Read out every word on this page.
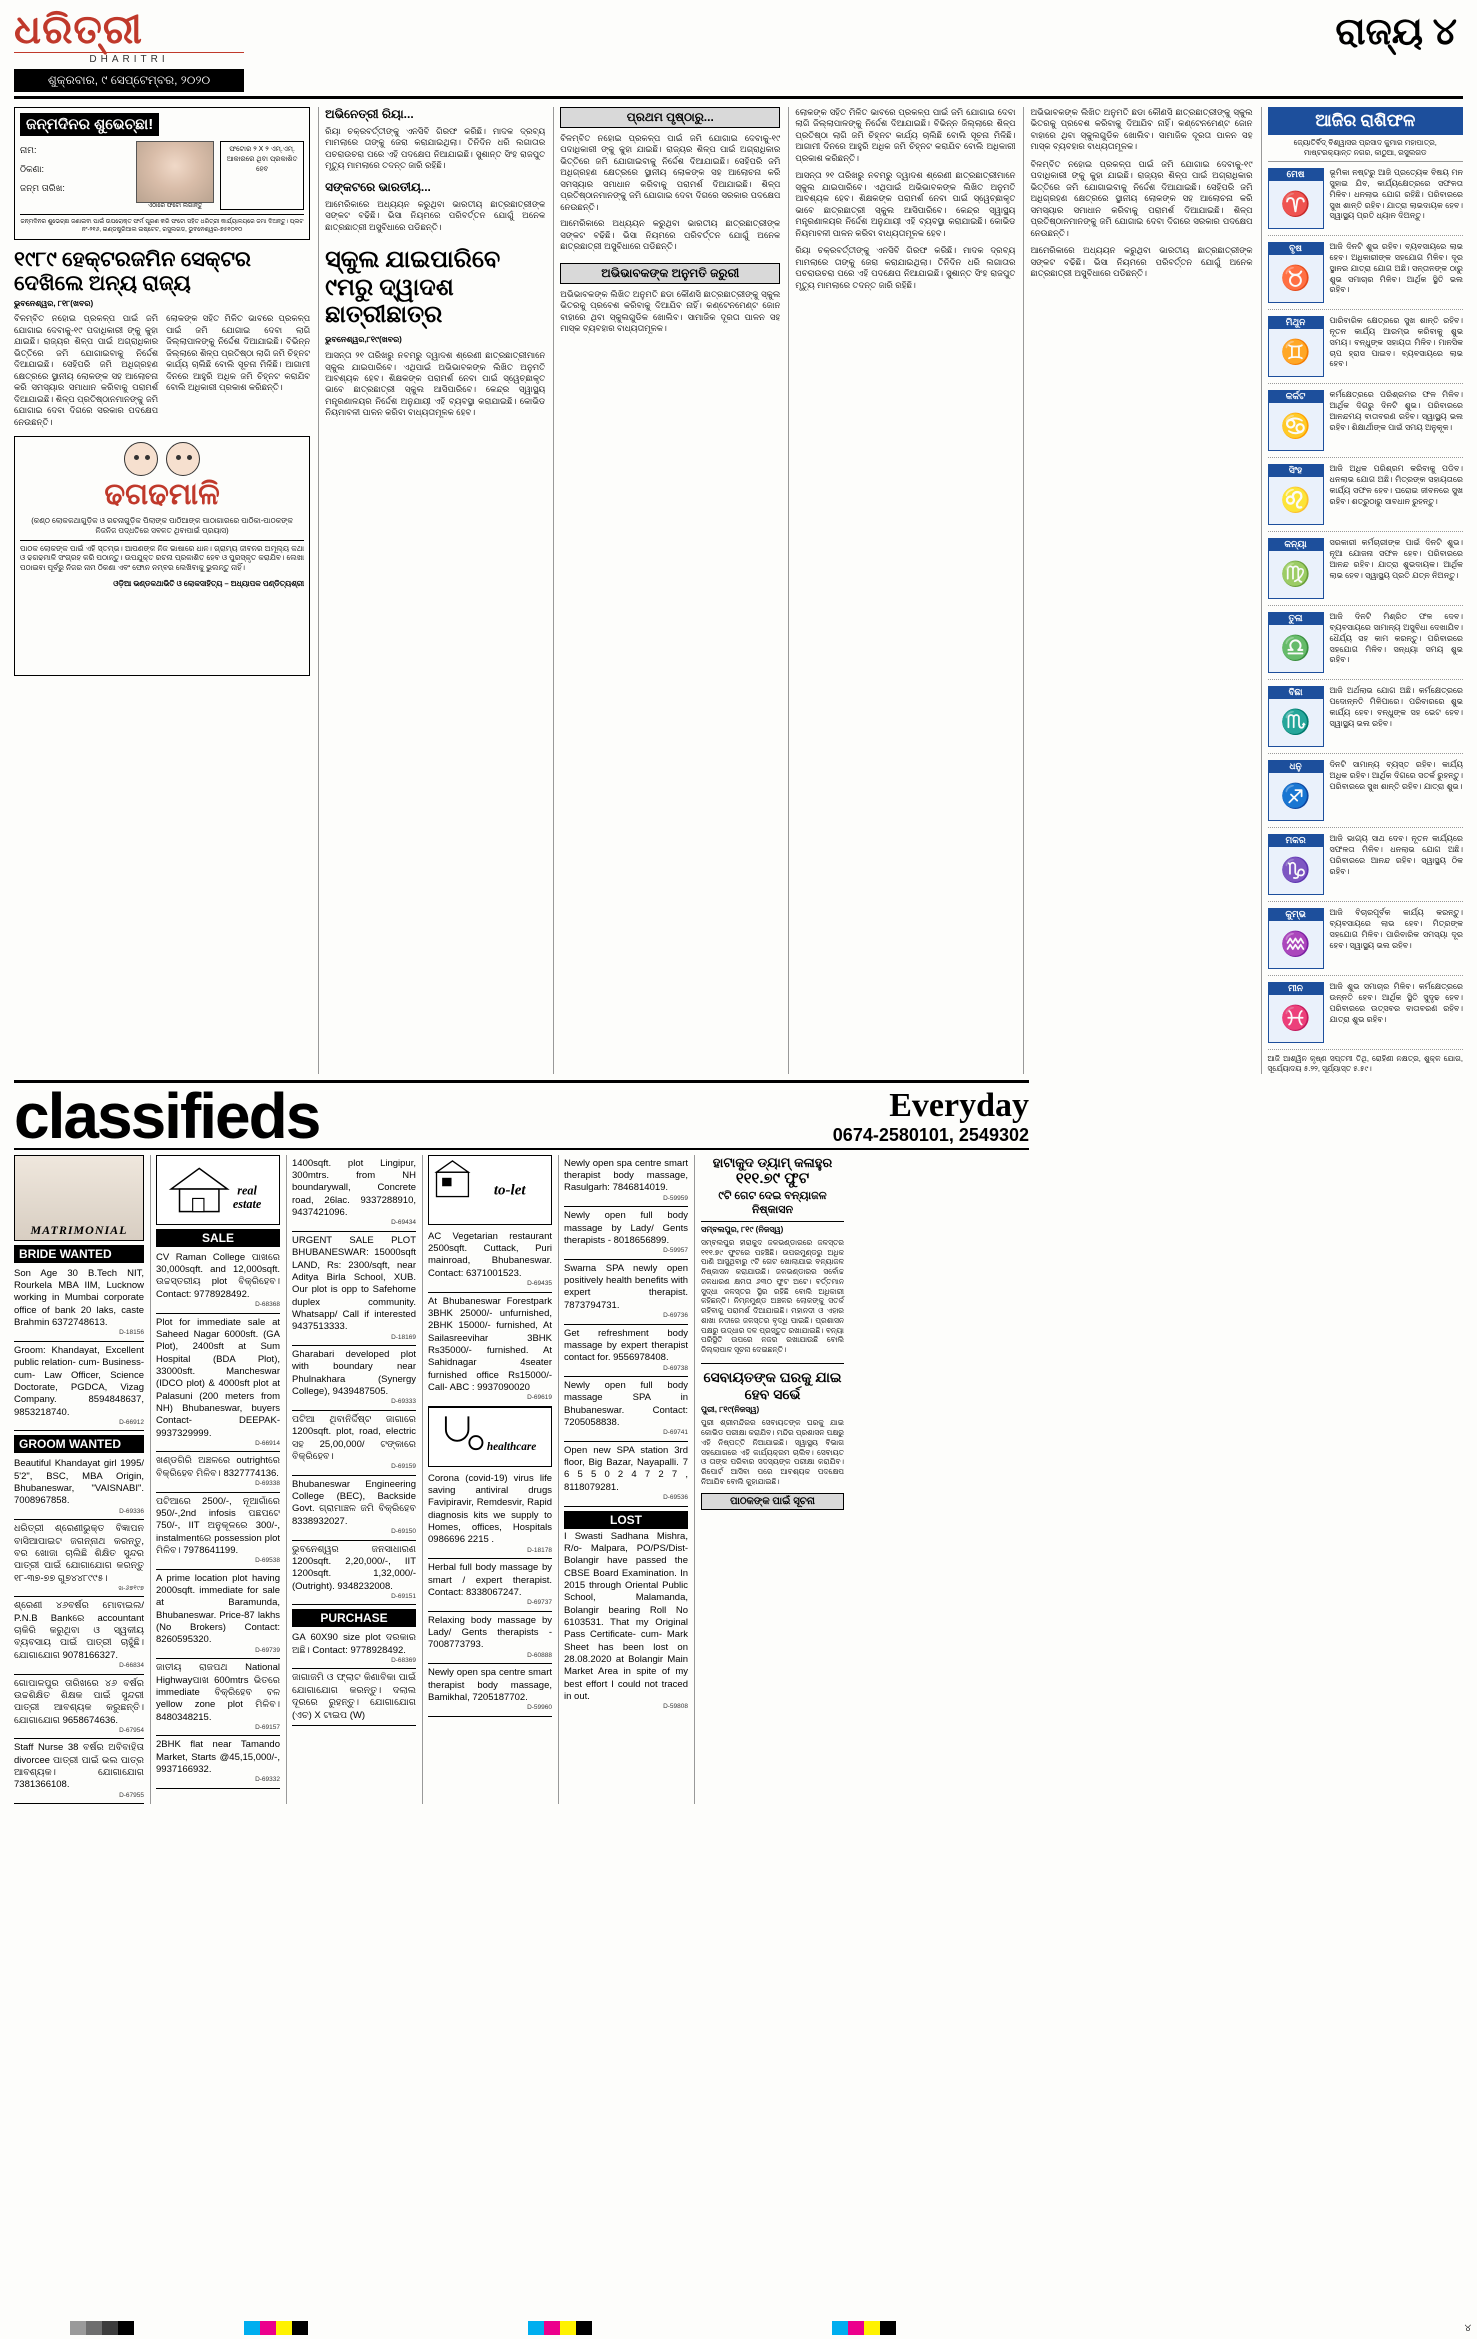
ଧରିତ୍ରୀ
DHARITRI
ଶୁକ୍ରବାର, ୯ ସେପ୍ଟେମ୍ବର, ୨୦୨୦
ରାଜ୍ୟ ୪
ଜନ୍ମଦିନର ଶୁଭେଚ୍ଛା!
ନାମ:
ଠିକଣା:
ଜନ୍ମ ତାରିଖ:
ଏଠାରେ ଫଟୋ ଲଗାନ୍ତୁ
ଫଟୋର ୨ X ୨ ଏମ୍.ଏମ୍. ଆକାରରେ ଥିବା ପ୍ରକାଶିତ ହେବ
ଜନ୍ମଦିନର ଶୁଭେଚ୍ଛା ଜଣାଇବା ପାଇଁ ଉପରୋକ୍ତ ଫର୍ମ ପୂରଣ କରି ଫଟୋ ସହିତ ଧରିତ୍ରୀ କାର୍ଯ୍ୟାଳୟରେ ଜମା ଦିଅନ୍ତୁ। ପ୍ଲଟ ନଂ-୨୧୬, ଇଣ୍ଡଷ୍ଟ୍ରିଆଲ ଇଷ୍ଟେଟ, ରସୁଲଗଡ, ଭୁବନେଶ୍ୱର-୭୫୧୦୧୦
୧୯୮୯ ହେକ୍ଟରଜମିନ ସେକ୍ଟର ଦେଖିଲେ ଅନ୍ୟ ରାଜ୍ୟ
ଭୁବନେଶ୍ୱର, ୮୧୮(ଖବର)
ବିଳମ୍ବିତ ନହୋଇ ପ୍ରକଳ୍ପ ପାଇଁ ଜମି ଯୋଗାଇ ଦେବାକୁ-୧୯ ପଦାଧିକାରୀ ଙ୍କୁ କୁହା ଯାଇଛି। ରାଜ୍ୟର ଶିଳ୍ପ ପାଇଁ ଅଗ୍ରାଧିକାର ଭିତ୍ତିରେ ଜମି ଯୋଗାଇବାକୁ ନିର୍ଦ୍ଦେଶ ଦିଆଯାଇଛି। ସେହିପରି ଜମି ଅଧିଗ୍ରହଣ କ୍ଷେତ୍ରରେ ସ୍ଥାନୀୟ ଲୋକଙ୍କ ସହ ଆଲୋଚନା କରି ସମସ୍ୟାର ସମାଧାନ କରିବାକୁ ପରାମର୍ଶ ଦିଆଯାଇଛି। ଶିଳ୍ପ ପ୍ରତିଷ୍ଠାନମାନଙ୍କୁ ଜମି ଯୋଗାଇ ଦେବା ଦିଗରେ ସରକାର ପଦକ୍ଷେପ ନେଉଛନ୍ତି।
ଲୋକଙ୍କ ସହିତ ମିଳିତ ଭାବରେ ପ୍ରକଳ୍ପ ପାଇଁ ଜମି ଯୋଗାଇ ଦେବା ଲାଗି ଜିଲ୍ଲାପାଳଙ୍କୁ ନିର୍ଦ୍ଦେଶ ଦିଆଯାଇଛି। ବିଭିନ୍ନ ଜିଲ୍ଲାରେ ଶିଳ୍ପ ପ୍ରତିଷ୍ଠା ଲାଗି ଜମି ଚିହ୍ନଟ କାର୍ଯ୍ୟ ଚାଲିଛି ବୋଲି ସୂଚନା ମିଳିଛି। ଆଗାମୀ ଦିନରେ ଆହୁରି ଅଧିକ ଜମି ଚିହ୍ନଟ କରାଯିବ ବୋଲି ଅଧିକାରୀ ପ୍ରକାଶ କରିଛନ୍ତି।
ଢଗଢମାଳି
(କଣ୍ଠ ଲୋକକଥାଗୁଡ଼ିକ ଓ ରଚନାଗୁଡ଼ିକ ପିଲାଙ୍କ ପାଠିଆଙ୍କ ପାଠାଗାରରେ ପାଠିକା-ପାଠକଙ୍କ ନିଜନିଜ ପଦ୍ଧତିରେ ସବଳତ ଥିବାପାଇଁ ପ୍ରୟାସ)
ପାଠକ ଲୋକଙ୍କ ପାଇଁ ଏହି ସ୍ତମ୍ଭ। ଆପଣଙ୍କ ନିଜ ଭାଷାରେ ଧାନ। ଗ୍ରାମ୍ୟ ଜୀବନର ଅମୂଲ୍ୟ କଥା ଓ ଢଗଢମାଳି ସଂଗ୍ରହ କରି ପଠାନ୍ତୁ। ଉପଯୁକ୍ତ ରଚନା ପ୍ରକାଶିତ ହେବ ଓ ପୁରସ୍କୃତ କରାଯିବ। ଲେଖା ପଠାଇବା ପୂର୍ବରୁ ନିଜର ନାମ ଠିକଣା ଏବଂ ଫୋନ ନମ୍ବର ଲେଖିବାକୁ ଭୁଲନ୍ତୁ ନାହିଁ।
ଓଡ଼ିଆ ଭଣ୍ଡକଥାଭିତି ଓ ଲୋକସାହିତ୍ୟ – ଅଧ୍ୟାପକ ପଣ୍ଡିତ୍ୟଶ୍ରୀ
ଅଭିନେତ୍ରୀ ରିୟା...
ରିୟା ଚକ୍ରବର୍ତ୍ତୀଙ୍କୁ ଏନସିବି ଗିରଫ କରିଛି। ମାଦକ ଦ୍ରବ୍ୟ ମାମଲାରେ ତାଙ୍କୁ ଜେରା କରାଯାଇଥିଲା। ତିନିଦିନ ଧରି ଲଗାତାର ପଚରାଉଚରା ପରେ ଏହି ପଦକ୍ଷେପ ନିଆଯାଇଛି। ସୁଶାନ୍ତ ସିଂହ ରାଜପୁତ ମୃତ୍ୟୁ ମାମଲାରେ ତଦନ୍ତ ଜାରି ରହିଛି।
ସଙ୍କଟରେ ଭାରତୀୟ...
ଆମେରିକାରେ ଅଧ୍ୟୟନ କରୁଥିବା ଭାରତୀୟ ଛାତ୍ରଛାତ୍ରୀଙ୍କ ସଙ୍କଟ ବଢିଛି। ଭିସା ନିୟମରେ ପରିବର୍ତ୍ତନ ଯୋଗୁଁ ଅନେକ ଛାତ୍ରଛାତ୍ରୀ ଅସୁବିଧାରେ ପଡିଛନ୍ତି।
ସ୍କୁଲ ଯାଇପାରିବେ ୯ମରୁ ଦ୍ୱାଦଶ ଛାତ୍ରୀଛାତ୍ର
ଭୁବନେଶ୍ୱର,୮୧୯(ଖବର)
ଆସନ୍ତା ୨୧ ତାରିଖରୁ ନବମରୁ ଦ୍ୱାଦଶ ଶ୍ରେଣୀ ଛାତ୍ରଛାତ୍ରୀମାନେ ସ୍କୁଲ ଯାଇପାରିବେ। ଏଥିପାଇଁ ଅଭିଭାବକଙ୍କ ଲିଖିତ ଅନୁମତି ଆବଶ୍ୟକ ହେବ। ଶିକ୍ଷକଙ୍କ ପରାମର୍ଶ ନେବା ପାଇଁ ସ୍ୱେଚ୍ଛାକୃତ ଭାବେ ଛାତ୍ରଛାତ୍ରୀ ସ୍କୁଲ ଆସିପାରିବେ। କେନ୍ଦ୍ର ସ୍ୱାସ୍ଥ୍ୟ ମନ୍ତ୍ରଣାଳୟର ନିର୍ଦ୍ଦେଶ ଅନୁଯାୟୀ ଏହି ବ୍ୟବସ୍ଥା କରାଯାଇଛି। କୋଭିଡ ନିୟମାବଳୀ ପାଳନ କରିବା ବାଧ୍ୟତାମୂଳକ ହେବ।
ପ୍ରଥମ ପୃଷ୍ଠାରୁ...
ବିଳମ୍ବିତ ନହୋଇ ପ୍ରକଳ୍ପ ପାଇଁ ଜମି ଯୋଗାଇ ଦେବାକୁ-୧୯ ପଦାଧିକାରୀ ଙ୍କୁ କୁହା ଯାଇଛି। ରାଜ୍ୟର ଶିଳ୍ପ ପାଇଁ ଅଗ୍ରାଧିକାର ଭିତ୍ତିରେ ଜମି ଯୋଗାଇବାକୁ ନିର୍ଦ୍ଦେଶ ଦିଆଯାଇଛି। ସେହିପରି ଜମି ଅଧିଗ୍ରହଣ କ୍ଷେତ୍ରରେ ସ୍ଥାନୀୟ ଲୋକଙ୍କ ସହ ଆଲୋଚନା କରି ସମସ୍ୟାର ସମାଧାନ କରିବାକୁ ପରାମର୍ଶ ଦିଆଯାଇଛି। ଶିଳ୍ପ ପ୍ରତିଷ୍ଠାନମାନଙ୍କୁ ଜମି ଯୋଗାଇ ଦେବା ଦିଗରେ ସରକାର ପଦକ୍ଷେପ ନେଉଛନ୍ତି।
ଆମେରିକାରେ ଅଧ୍ୟୟନ କରୁଥିବା ଭାରତୀୟ ଛାତ୍ରଛାତ୍ରୀଙ୍କ ସଙ୍କଟ ବଢିଛି। ଭିସା ନିୟମରେ ପରିବର୍ତ୍ତନ ଯୋଗୁଁ ଅନେକ ଛାତ୍ରଛାତ୍ରୀ ଅସୁବିଧାରେ ପଡିଛନ୍ତି।
ଅଭିଭାବକଙ୍କ ଅନୁମତି ଜରୁରୀ
ଅଭିଭାବକଙ୍କ ଲିଖିତ ଅନୁମତି ଛଡା କୌଣସି ଛାତ୍ରଛାତ୍ରୀଙ୍କୁ ସ୍କୁଲ ଭିତରକୁ ପ୍ରବେଶ କରିବାକୁ ଦିଆଯିବ ନାହିଁ। କଣ୍ଟେନମେଣ୍ଟ ଜୋନ ବାହାରେ ଥିବା ସ୍କୁଲଗୁଡିକ ଖୋଲିବ। ସାମାଜିକ ଦୂରତା ପାଳନ ସହ ମାସ୍କ ବ୍ୟବହାର ବାଧ୍ୟତାମୂଳକ।
ଲୋକଙ୍କ ସହିତ ମିଳିତ ଭାବରେ ପ୍ରକଳ୍ପ ପାଇଁ ଜମି ଯୋଗାଇ ଦେବା ଲାଗି ଜିଲ୍ଲାପାଳଙ୍କୁ ନିର୍ଦ୍ଦେଶ ଦିଆଯାଇଛି। ବିଭିନ୍ନ ଜିଲ୍ଲାରେ ଶିଳ୍ପ ପ୍ରତିଷ୍ଠା ଲାଗି ଜମି ଚିହ୍ନଟ କାର୍ଯ୍ୟ ଚାଲିଛି ବୋଲି ସୂଚନା ମିଳିଛି। ଆଗାମୀ ଦିନରେ ଆହୁରି ଅଧିକ ଜମି ଚିହ୍ନଟ କରାଯିବ ବୋଲି ଅଧିକାରୀ ପ୍ରକାଶ କରିଛନ୍ତି।
ଆସନ୍ତା ୨୧ ତାରିଖରୁ ନବମରୁ ଦ୍ୱାଦଶ ଶ୍ରେଣୀ ଛାତ୍ରଛାତ୍ରୀମାନେ ସ୍କୁଲ ଯାଇପାରିବେ। ଏଥିପାଇଁ ଅଭିଭାବକଙ୍କ ଲିଖିତ ଅନୁମତି ଆବଶ୍ୟକ ହେବ। ଶିକ୍ଷକଙ୍କ ପରାମର୍ଶ ନେବା ପାଇଁ ସ୍ୱେଚ୍ଛାକୃତ ଭାବେ ଛାତ୍ରଛାତ୍ରୀ ସ୍କୁଲ ଆସିପାରିବେ। କେନ୍ଦ୍ର ସ୍ୱାସ୍ଥ୍ୟ ମନ୍ତ୍ରଣାଳୟର ନିର୍ଦ୍ଦେଶ ଅନୁଯାୟୀ ଏହି ବ୍ୟବସ୍ଥା କରାଯାଇଛି। କୋଭିଡ ନିୟମାବଳୀ ପାଳନ କରିବା ବାଧ୍ୟତାମୂଳକ ହେବ।
ରିୟା ଚକ୍ରବର୍ତ୍ତୀଙ୍କୁ ଏନସିବି ଗିରଫ କରିଛି। ମାଦକ ଦ୍ରବ୍ୟ ମାମଲାରେ ତାଙ୍କୁ ଜେରା କରାଯାଇଥିଲା। ତିନିଦିନ ଧରି ଲଗାତାର ପଚରାଉଚରା ପରେ ଏହି ପଦକ୍ଷେପ ନିଆଯାଇଛି। ସୁଶାନ୍ତ ସିଂହ ରାଜପୁତ ମୃତ୍ୟୁ ମାମଲାରେ ତଦନ୍ତ ଜାରି ରହିଛି।
ଅଭିଭାବକଙ୍କ ଲିଖିତ ଅନୁମତି ଛଡା କୌଣସି ଛାତ୍ରଛାତ୍ରୀଙ୍କୁ ସ୍କୁଲ ଭିତରକୁ ପ୍ରବେଶ କରିବାକୁ ଦିଆଯିବ ନାହିଁ। କଣ୍ଟେନମେଣ୍ଟ ଜୋନ ବାହାରେ ଥିବା ସ୍କୁଲଗୁଡିକ ଖୋଲିବ। ସାମାଜିକ ଦୂରତା ପାଳନ ସହ ମାସ୍କ ବ୍ୟବହାର ବାଧ୍ୟତାମୂଳକ।
ବିଳମ୍ବିତ ନହୋଇ ପ୍ରକଳ୍ପ ପାଇଁ ଜମି ଯୋଗାଇ ଦେବାକୁ-୧୯ ପଦାଧିକାରୀ ଙ୍କୁ କୁହା ଯାଇଛି। ରାଜ୍ୟର ଶିଳ୍ପ ପାଇଁ ଅଗ୍ରାଧିକାର ଭିତ୍ତିରେ ଜମି ଯୋଗାଇବାକୁ ନିର୍ଦ୍ଦେଶ ଦିଆଯାଇଛି। ସେହିପରି ଜମି ଅଧିଗ୍ରହଣ କ୍ଷେତ୍ରରେ ସ୍ଥାନୀୟ ଲୋକଙ୍କ ସହ ଆଲୋଚନା କରି ସମସ୍ୟାର ସମାଧାନ କରିବାକୁ ପରାମର୍ଶ ଦିଆଯାଇଛି। ଶିଳ୍ପ ପ୍ରତିଷ୍ଠାନମାନଙ୍କୁ ଜମି ଯୋଗାଇ ଦେବା ଦିଗରେ ସରକାର ପଦକ୍ଷେପ ନେଉଛନ୍ତି।
ଆମେରିକାରେ ଅଧ୍ୟୟନ କରୁଥିବା ଭାରତୀୟ ଛାତ୍ରଛାତ୍ରୀଙ୍କ ସଙ୍କଟ ବଢିଛି। ଭିସା ନିୟମରେ ପରିବର୍ତ୍ତନ ଯୋଗୁଁ ଅନେକ ଛାତ୍ରଛାତ୍ରୀ ଅସୁବିଧାରେ ପଡିଛନ୍ତି।
ଆଜିର ରାଶିଫଳ
ଜ୍ୟୋତିର୍ବିଦ୍ ବିଶ୍ୱାସର ପ୍ରସାଦ କୁମାର ମହାପାତ୍ର, ମାଷ୍ଟରକ୍ୟାନ୍ତ ନଗର, କାଠୁଆ, ରସୁଲଗଡ
ମେଷ
♈
ଭୂମିକା ନଷ୍ଟରୁ ଆଜି ପ୍ରତ୍ୟେକ ବିଷୟ ମନ ସୁହାଇ ଯିବ, କାର୍ଯ୍ୟକ୍ଷେତ୍ରରେ ସଫଳତା ମିଳିବ। ଧନଲାଭ ଯୋଗ ରହିଛି। ପରିବାରରେ ସୁଖ ଶାନ୍ତି ରହିବ। ଯାତ୍ରା ଲାଭଦାୟକ ହେବ। ସ୍ୱାସ୍ଥ୍ୟ ପ୍ରତି ଧ୍ୟାନ ଦିଅନ୍ତୁ।
ବୃଷ
♉
ଆଜି ଦିନଟି ଶୁଭ ରହିବ। ବ୍ୟବସାୟରେ ଲାଭ ହେବ। ଅଧିକାରୀଙ୍କ ସହଯୋଗ ମିଳିବ। ଦୂର ସ୍ଥାନର ଯାତ୍ରା ଯୋଗ ଅଛି। ସନ୍ତାନଙ୍କ ଠାରୁ ଶୁଭ ସମାଚାର ମିଳିବ। ଆର୍ଥିକ ସ୍ଥିତି ଭଲ ରହିବ।
ମିଥୁନ
♊
ପାରିବାରିକ କ୍ଷେତ୍ରରେ ସୁଖ ଶାନ୍ତି ରହିବ। ନୂତନ କାର୍ଯ୍ୟ ଆରମ୍ଭ କରିବାକୁ ଶୁଭ ସମୟ। ବନ୍ଧୁଙ୍କ ସହାୟତା ମିଳିବ। ମାନସିକ ଚାପ ହ୍ରାସ ପାଇବ। ବ୍ୟବସାୟରେ ଲାଭ ହେବ।
କର୍କଟ
♋
କର୍ମକ୍ଷେତ୍ରରେ ପରିଶ୍ରମର ଫଳ ମିଳିବ। ଆର୍ଥିକ ଦିଗରୁ ଦିନଟି ଶୁଭ। ପରିବାରରେ ଆନନ୍ଦମୟ ବାତାବରଣ ରହିବ। ସ୍ୱାସ୍ଥ୍ୟ ଭଲ ରହିବ। ଶିକ୍ଷାର୍ଥୀଙ୍କ ପାଇଁ ସମୟ ଅନୁକୂଳ।
ସିଂହ
♌
ଆଜି ଅଧିକ ପରିଶ୍ରମ କରିବାକୁ ପଡିବ। ଧନଲାଭ ଯୋଗ ଅଛି। ମିତ୍ରଙ୍କ ସହାୟତାରେ କାର୍ଯ୍ୟ ସଫଳ ହେବ। ଘରୋଇ ଜୀବନରେ ସୁଖ ରହିବ। ଶତ୍ରୁଠାରୁ ସାବଧାନ ରୁହନ୍ତୁ।
କନ୍ୟା
♍
ସରକାରୀ କର୍ମଚାରୀଙ୍କ ପାଇଁ ଦିନଟି ଶୁଭ। ନୂଆ ଯୋଜନା ସଫଳ ହେବ। ପରିବାରରେ ଆନନ୍ଦ ରହିବ। ଯାତ୍ରା ଶୁଭଦାୟକ। ଆର୍ଥିକ ଲାଭ ହେବ। ସ୍ୱାସ୍ଥ୍ୟ ପ୍ରତି ଯତ୍ନ ନିଅନ୍ତୁ।
ତୁଳା
♎
ଆଜି ଦିନଟି ମିଶ୍ରିତ ଫଳ ଦେବ। ବ୍ୟବସାୟରେ ସାମାନ୍ୟ ଅସୁବିଧା ଦେଖାଯିବ। ଧୈର୍ଯ୍ୟ ସହ କାମ କରନ୍ତୁ। ପରିବାରରେ ସହଯୋଗ ମିଳିବ। ସନ୍ଧ୍ୟା ସମୟ ଶୁଭ ରହିବ।
ବିଛା
♏
ଆଜି ଅର୍ଥଲାଭ ଯୋଗ ଅଛି। କର୍ମକ୍ଷେତ୍ରରେ ପଦୋନ୍ନତି ମିଳିପାରେ। ପରିବାରରେ ଶୁଭ କାର୍ଯ୍ୟ ହେବ। ବନ୍ଧୁଙ୍କ ସହ ଭେଟ ହେବ। ସ୍ୱାସ୍ଥ୍ୟ ଭଲ ରହିବ।
ଧନୁ
♐
ଦିନଟି ସାମାନ୍ୟ ବ୍ୟସ୍ତ ରହିବ। କାର୍ଯ୍ୟ ଅଧିକ ରହିବ। ଆର୍ଥିକ ଦିଗରେ ସତର୍କ ରୁହନ୍ତୁ। ପରିବାରରେ ସୁଖ ଶାନ୍ତି ରହିବ। ଯାତ୍ରା ଶୁଭ।
ମକର
♑
ଆଜି ଭାଗ୍ୟ ସାଥ ଦେବ। ନୂତନ କାର୍ଯ୍ୟରେ ସଫଳତା ମିଳିବ। ଧନଲାଭ ଯୋଗ ଅଛି। ପରିବାରରେ ଆନନ୍ଦ ରହିବ। ସ୍ୱାସ୍ଥ୍ୟ ଠିକ ରହିବ।
କୁମ୍ଭ
♒
ଆଜି ବିଚାରପୂର୍ବକ କାର୍ଯ୍ୟ କରନ୍ତୁ। ବ୍ୟବସାୟରେ ଲାଭ ହେବ। ମିତ୍ରଙ୍କ ସହଯୋଗ ମିଳିବ। ପାରିବାରିକ ସମସ୍ୟା ଦୂର ହେବ। ସ୍ୱାସ୍ଥ୍ୟ ଭଲ ରହିବ।
ମୀନ
♓
ଆଜି ଶୁଭ ସମାଚାର ମିଳିବ। କର୍ମକ୍ଷେତ୍ରରେ ଉନ୍ନତି ହେବ। ଆର୍ଥିକ ସ୍ଥିତି ସୁଦୃଢ ହେବ। ପରିବାରରେ ଉତ୍ସବର ବାତାବରଣ ରହିବ। ଯାତ୍ରା ଶୁଭ ରହିବ।
ଆଜି ଆଶ୍ୱିନ କୃଷ୍ଣ ସପ୍ତମୀ ତିଥି, ରୋହିଣୀ ନକ୍ଷତ୍ର, ଶୁକ୍ଳ ଯୋଗ, ସୂର୍ଯ୍ୟୋଦୟ ୫.୨୨, ସୂର୍ଯ୍ୟାସ୍ତ ୫.୫୯।
classifieds	Everyday
0674-2580101, 2549302
MATRIMONIAL
BRIDE WANTED
Son Age 30 B.Tech NIT, Rourkela MBA IIM, Lucknow working in Mumbai corporate office of bank 20 laks, caste Brahmin 6372748613.
D-18156
Groom: Khandayat, Excellent public relation- cum- Business- cum- Law Officer, Science Doctorate, PGDCA, Vizag Company. 8594848637, 9853218740.
D-66912
GROOM WANTED
Beautiful Khandayat girl 1995/ 5'2", BSC, MBA Origin, Bhubaneswar, "VAISNABI". 7008967858.
D-69336
ଧରିତ୍ରୀ ଶ୍ରେଣୀଭୁକ୍ତ ବିଜ୍ଞାପନ ବାସିଆପାଇଟ ଜଗନ୍ନାଥ କରନ୍ତୁ, ବର ଖୋଜା ଚାଲିଛି ଶିକ୍ଷିତ ସୁନ୍ଦର ପାତ୍ରୀ ପାଇଁ ଯୋଗାଯୋଗ କରନ୍ତୁ ୧୮-୩୭-୭୭ ଗୁ୭୪୪୮୯୯୫।
ଖ-୬୭୧୯୭
ଶ୍ରେଣୀ ୪୬ବର୍ଷର ମୋବାଇଲ/ P.N.B Bankରେ accountant ଚାକିରି କରୁଥିବା ଓ ସ୍ୱକୀୟ ବ୍ୟବସାୟ ପାଇଁ ପାତ୍ରୀ ଚାହୁଁଛି। ଯୋଗାଯୋଗ 9078166327.
D-66834
ଗୋପାଳପୁର ତାରିଖରେ ୪୬ ବର୍ଷର ଉଚ୍ଚଶିକ୍ଷିତ ଶିକ୍ଷକ ପାଇଁ ସୁନ୍ଦରୀ ପାତ୍ରୀ ଆବଶ୍ୟକ କରୁଛନ୍ତି। ଯୋଗାଯୋଗ 9658674636.
D-67954
Staff Nurse 38 ବର୍ଷର ଅବିବାହିତା divorcee ପାତ୍ରୀ ପାଇଁ ଭଲ ପାତ୍ର ଆବଶ୍ୟକ। ଯୋଗାଯୋଗ 7381366108.
D-67955
real
estate
SALE
CV Raman College ପାଖରେ 30,000sqft. and 12,000sqft. ଉଚ୍ଚସ୍ତରୀୟ plot ବିକ୍ରିହେବ। Contact: 9778928492.
D-68368
Plot for immediate sale at Saheed Nagar 6000sft. (GA Plot), 2400sft at Sum Hospital (BDA Plot), 33000sft. Mancheswar (IDCO plot) & 4000sft plot at Palasuni (200 meters from NH) Bhubaneswar, buyers Contact- DEEPAK- 9937329999.
D-66914
ଖଣ୍ଡଗିରି ଅଞ୍ଚଳରେ outrightରେ ବିକ୍ରିହେବ ମିଳିବ। 8327774136.
D-69338
ପଟିଆରେ 2500/-, ନୂଆଗାଁରେ 950/-,2nd infosis ପଛପଟେ 750/-, IIT ଅନୁକୂଳରେ 300/-, instalmentରେ possession plot ମିଳିବ। 7978641199.
D-69538
A prime location plot having 2000sqft. immediate for sale at Baramunda, Bhubaneswar. Price-87 lakhs (No Brokers) Contact: 8260595320.
D-69739
ଜାତୀୟ ରାଜପଥ National Highwayପାଖ 600mtrs ଭିତରେ immediate ବିକ୍ରିହେବ ବଳ yellow zone plot ମିଳିବ। 8480348215.
D-69157
2BHK flat near Tamando Market, Starts @45,15,000/-, 9937166932.
D-69332
1400sqft. plot Lingipur, 300mtrs. from NH boundarywall, Concrete road, 26lac. 9337288910, 9437421096.
D-69434
URGENT SALE PLOT BHUBANESWAR: 15000sqft LAND, Rs: 2300/sqft, near Aditya Birla School, XUB. Our plot is opp to Safehome duplex community. Whatsapp/ Call if interested 9437513333.
D-18169
Gharabari developed plot with boundary near Phulnakhara (Synergy College), 9439487505.
D-69333
ପଟିଆ ଥିବାନିର୍ଦ୍ଦିଷ୍ଟ ଜାଗାରେ 1200sqft. plot, road, electric ସହ 25,00,000/ ଟଙ୍କାରେ ବିକ୍ରିହେବ।
D-69159
Bhubaneswar Engineering College (BEC), Backside Govt. ଗ୍ରାମାଞ୍ଚଳ ଜମି ବିକ୍ରିହେବ 8338932027.
D-69150
ଭୁବନେଶ୍ୱର ଜନସାଧାରଣ 1200sqft. 2,20,000/-, IIT 1200sqft. 1,32,000/- (Outright). 9348232008.
D-69151
PURCHASE
GA 60X90 size plot ଦରକାର ଅଛି। Contact: 9778928492.
D-68369
ଜାଗାଜମି ଓ ଫ୍ଲାଟ କିଣାବିକା ପାଇଁ ଯୋଗାଯୋଗ କରନ୍ତୁ। ଦଲାଲ ଦୂରରେ ରୁହନ୍ତୁ। ଯୋଗାଯୋଗ (ଏଚ) X ଟାଇପ (W)
to-let
AC Vegetarian restaurant 2500sqft. Cuttack, Puri mainroad, Bhubaneswar. Contact: 6371001523.
D-69435
At Bhubaneswar Forestpark 3BHK 25000/- unfurnished, 2BHK 15000/- furnished, At Sailasreevihar 3BHK Rs35000/- furnished. At Sahidnagar 4seater furnished office Rs15000/- Call- ABC : 9937090020
D-69619
healthcare
Corona (covid-19) virus life saving antiviral drugs Favipiravir, Remdesvir, Rapid diagnosis kits we supply to Homes, offices, Hospitals 0986696 2215 .
D-18178
Herbal full body massage by smart / expert therapist. Contact: 8338067247.
D-69737
Relaxing body massage by Lady/ Gents therapists - 7008773793.
D-60888
Newly open spa centre smart therapist body massage, Bamikhal, 7205187702.
D-59960
Newly open spa centre smart therapist body massage, Rasulgarh: 7846814019.
D-59959
Newly open full body massage by Lady/ Gents therapists - 8018656899.
D-59957
Swarna SPA newly open positively health benefits with expert therapist. 7873794731.
D-69736
Get refreshment body massage by expert therapist contact for. 9556978408.
D-69738
Newly open full body massage SPA in Bhubaneswar. Contact: 7205058838.
D-69741
Open new SPA station 3rd floor, Big Bazar, Nayapalli. 7 6 5 5 0 2 4 7 2 7 , 8118079281.
D-69536
LOST
I Swasti Sadhana Mishra, R/o- Malpara, PO/PS/Dist- Bolangir have passed the CBSE Board Examination. In 2015 through Oriental Public School, Malamanda, Bolangir bearing Roll No 6103531. That my Original Pass Certificate- cum- Mark Sheet has been lost on 28.08.2020 at Bolangir Main Market Area in spite of my best effort I could not traced in out.
D-59808
ହାଟାକୁଦ ଡ୍ୟାମ୍ କଳାହୁର
୧୧୧.୭୯ ଫୁଟ
୯ଟି ଗେଟ ଦେଇ ବନ୍ୟାଜଳ ନିଷ୍କାସନ
ସମ୍ବଲପୁର, ୮୧୯ (ନିଜସ୍ୱ)
ସମ୍ବଲପୁର ହୀରାକୁଦ ଜଳଭଣ୍ଡାରରେ ଜଳସ୍ତର ୧୧୧.୭୯ ଫୁଟରେ ପହଞ୍ଚିଛି। ଉପରମୁଣ୍ଡରୁ ଅଧିକ ପାଣି ଆସୁଥିବାରୁ ୯ଟି ଗେଟ ଖୋଲାଯାଇ ବନ୍ୟାଜଳ ନିଷ୍କାସନ କରାଯାଉଛି। ଜଳଭଣ୍ଡାରର ସର୍ବୋଚ୍ଚ ଜଳଧାରଣ କ୍ଷମତା ୬୩୦ ଫୁଟ ଅଟେ। ବର୍ତ୍ତମାନ ସୁଦ୍ଧା ଜଳସ୍ତର ସ୍ଥିର ରହିଛି ବୋଲି ଅଧିକାରୀ କହିଛନ୍ତି। ନିମ୍ନମୁଣ୍ଡ ଅଞ୍ଚଳର ଲୋକଙ୍କୁ ସତର୍କ ରହିବାକୁ ପରାମର୍ଶ ଦିଆଯାଇଛି। ମହାନଦୀ ଓ ଏହାର ଶାଖା ନଦୀରେ ଜଳସ୍ତର ବୃଦ୍ଧି ପାଇଛି। ପ୍ରଶାସନ ପକ୍ଷରୁ ଉଦ୍ଧାର ଦଳ ପ୍ରସ୍ତୁତ ରଖାଯାଇଛି। ବନ୍ୟା ପରିସ୍ଥିତି ଉପରେ ନଜର ରଖାଯାଉଛି ବୋଲି ଜିଲ୍ଲାପାଳ ସୂଚନା ଦେଇଛନ୍ତି।
ସେବାୟତଙ୍କ ଘରକୁ ଯାଇ ହେବ ସର୍ଭେ
ପୁରୀ, ୮୧୯(ନିଜସ୍ୱ)
ପୁରୀ ଶ୍ରୀମନ୍ଦିରର ସେବାୟତଙ୍କ ଘରକୁ ଯାଇ କୋଭିଡ ପରୀକ୍ଷା କରାଯିବ। ମନ୍ଦିର ପ୍ରଶାସନ ପକ୍ଷରୁ ଏହି ନିଷ୍ପତ୍ତି ନିଆଯାଇଛି। ସ୍ୱାସ୍ଥ୍ୟ ବିଭାଗ ସହଯୋଗରେ ଏହି କାର୍ଯ୍ୟକ୍ରମ ଚାଲିବ। ସେବାୟତ ଓ ତାଙ୍କ ପରିବାର ସଦସ୍ୟଙ୍କ ପରୀକ୍ଷା କରାଯିବ। ରିପୋର୍ଟ ଆସିବା ପରେ ଆବଶ୍ୟକ ପଦକ୍ଷେପ ନିଆଯିବ ବୋଲି କୁହାଯାଇଛି।
ପାଠକଙ୍କ ପାଇଁ ସୂଚନା
୪
